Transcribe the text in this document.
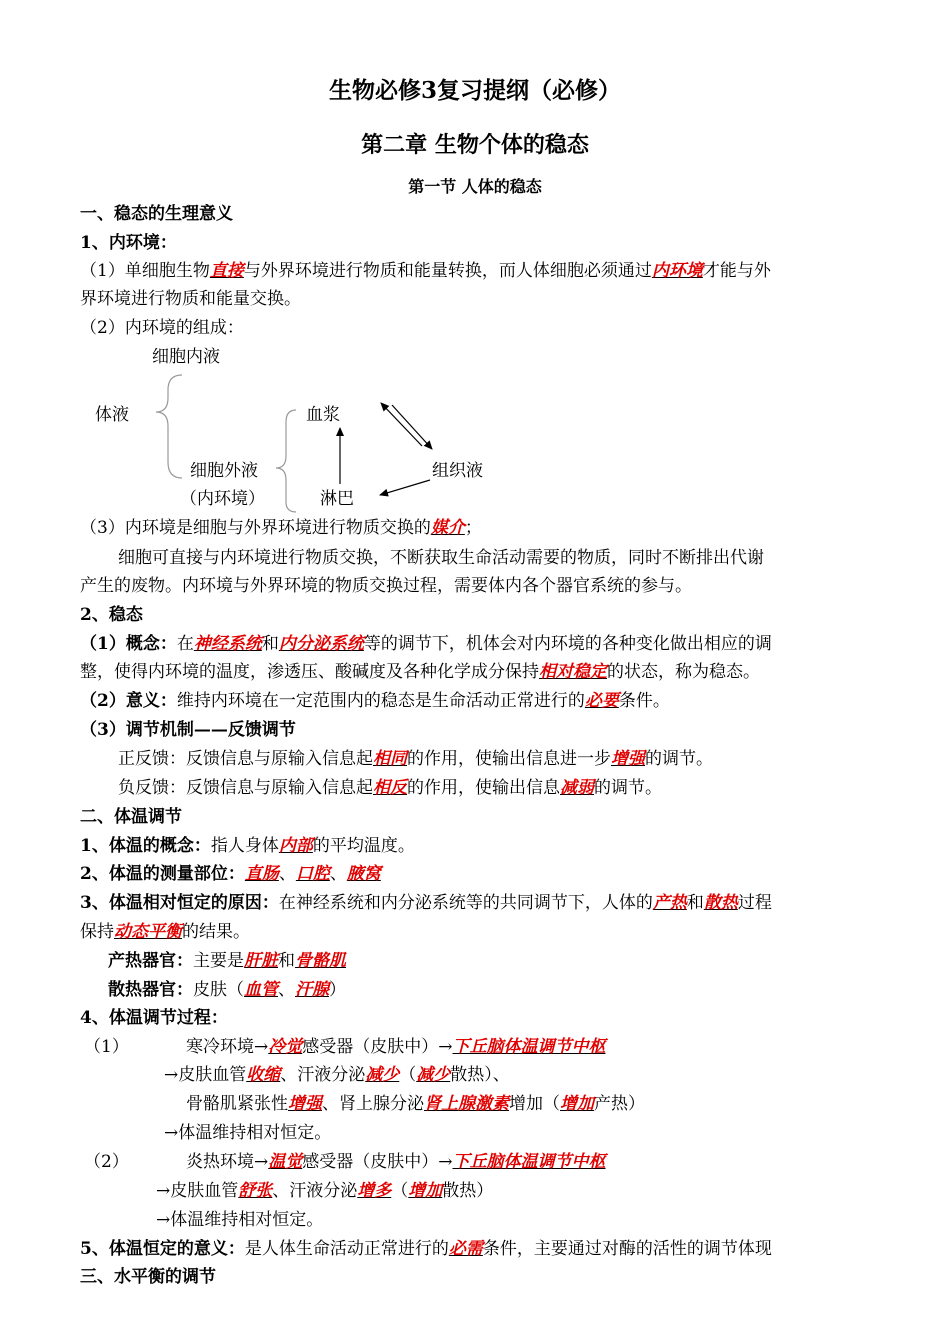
生物必修3复习提纲（必修）
第二章 生物个体的稳态
第一节 人体的稳态
一、稳态的生理意义
1、内环境：
（1）单细胞生物直接与外界环境进行物质和能量转换，而人体细胞必须通过内环境才能与外
界环境进行物质和能量交换。
（2）内环境的组成：
（3）内环境是细胞与外界环境进行物质交换的媒介；
细胞可直接与内环境进行物质交换，不断获取生命活动需要的物质，同时不断排出代谢
产生的废物。内环境与外界环境的物质交换过程，需要体内各个器官系统的参与。
2、稳态
（1）概念：在神经系统和内分泌系统等的调节下，机体会对内环境的各种变化做出相应的调
整，使得内环境的温度，渗透压、酸碱度及各种化学成分保持相对稳定的状态，称为稳态。
（2）意义：维持内环境在一定范围内的稳态是生命活动正常进行的必要条件。
（3）调节机制——反馈调节
正反馈：反馈信息与原输入信息起相同的作用，使输出信息进一步增强的调节。
负反馈：反馈信息与原输入信息起相反的作用，使输出信息减弱的调节。
二、体温调节
1、体温的概念：指人身体内部的平均温度。
2、体温的测量部位：直肠、口腔、腋窝
3、体温相对恒定的原因：在神经系统和内分泌系统等的共同调节下，人体的产热和散热过程
保持动态平衡的结果。
产热器官：主要是肝脏和骨骼肌
散热器官：皮肤（血管、汗腺）
4、体温调节过程：
（1）	寒冷环境→冷觉感受器（皮肤中）→下丘脑体温调节中枢
→皮肤血管收缩、汗液分泌减少（减少散热）、
骨骼肌紧张性增强、肾上腺分泌肾上腺激素增加（增加产热）
→体温维持相对恒定。
（2）	炎热环境→温觉感受器（皮肤中）→下丘脑体温调节中枢
→皮肤血管舒张、汗液分泌增多（增加散热）
→体温维持相对恒定。
5、体温恒定的意义：是人体生命活动正常进行的必需条件，主要通过对酶的活性的调节体现
三、水平衡的调节
细胞内液
体液	血浆
细胞外液	组织液
（内环境）	淋巴
